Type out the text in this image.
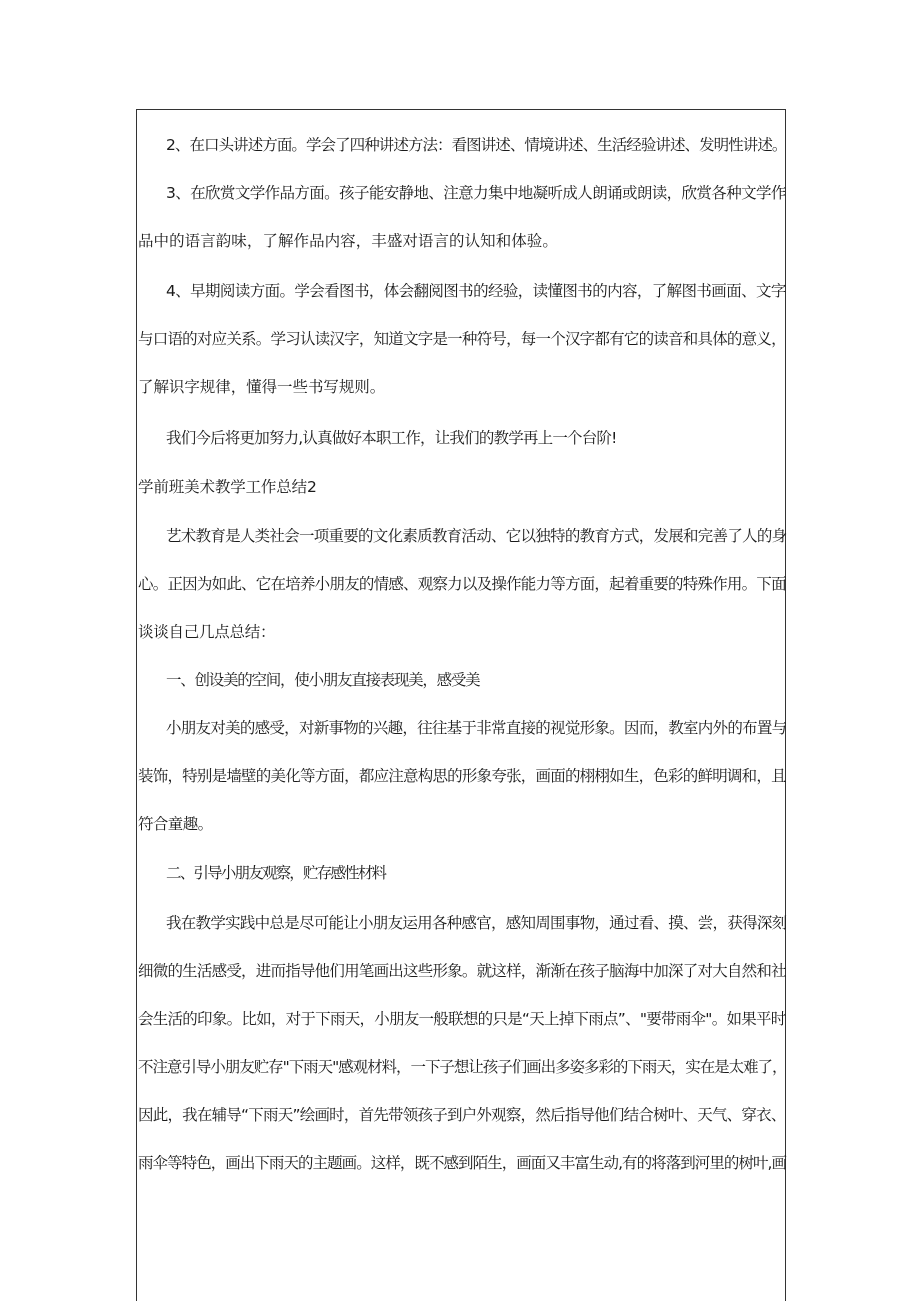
2、在口头讲述方面。学会了四种讲述方法：看图讲述、情境讲述、生活经验讲述、发明性讲述。
3、在欣赏文学作品方面。孩子能安静地、注意力集中地凝听成人朗诵或朗读，欣赏各种文学作
品中的语言韵味，了解作品内容，丰盛对语言的认知和体验。
4、早期阅读方面。学会看图书，体会翻阅图书的经验，读懂图书的内容，了解图书画面、文字
与口语的对应关系。学习认读汉字，知道文字是一种符号，每一个汉字都有它的读音和具体的意义，
了解识字规律，懂得一些书写规则。
我们今后将更加努力,认真做好本职工作，让我们的教学再上一个台阶!
学前班美术教学工作总结2
艺术教育是人类社会一项重要的文化素质教育活动、它以独特的教育方式，发展和完善了人的身
心。正因为如此、它在培养小朋友的情感、观察力以及操作能力等方面，起着重要的特殊作用。下面
谈谈自己几点总结：
一、创设美的空间，使小朋友直接表现美，感受美
小朋友对美的感受，对新事物的兴趣，往往基于非常直接的视觉形象。因而，教室内外的布置与
装饰，特别是墙壁的美化等方面，都应注意构思的形象夸张，画面的栩栩如生，色彩的鲜明调和，且
符合童趣。
二、引导小朋友观察，贮存感性材料
我在教学实践中总是尽可能让小朋友运用各种感官，感知周围事物，通过看、摸、尝，获得深刻
细微的生活感受，进而指导他们用笔画出这些形象。就这样，渐渐在孩子脑海中加深了对大自然和社
会生活的印象。比如，对于下雨天，小朋友一般联想的只是“天上掉下雨点”、"要带雨伞"。如果平时
不注意引导小朋友贮存"下雨天"感观材料，一下子想让孩子们画出多姿多彩的下雨天，实在是太难了，
因此，我在辅导“下雨天”绘画时，首先带领孩子到户外观察，然后指导他们结合树叶、天气、穿衣、
雨伞等特色，画出下雨天的主题画。这样，既不感到陌生，画面又丰富生动,有的将落到河里的树叶,画
